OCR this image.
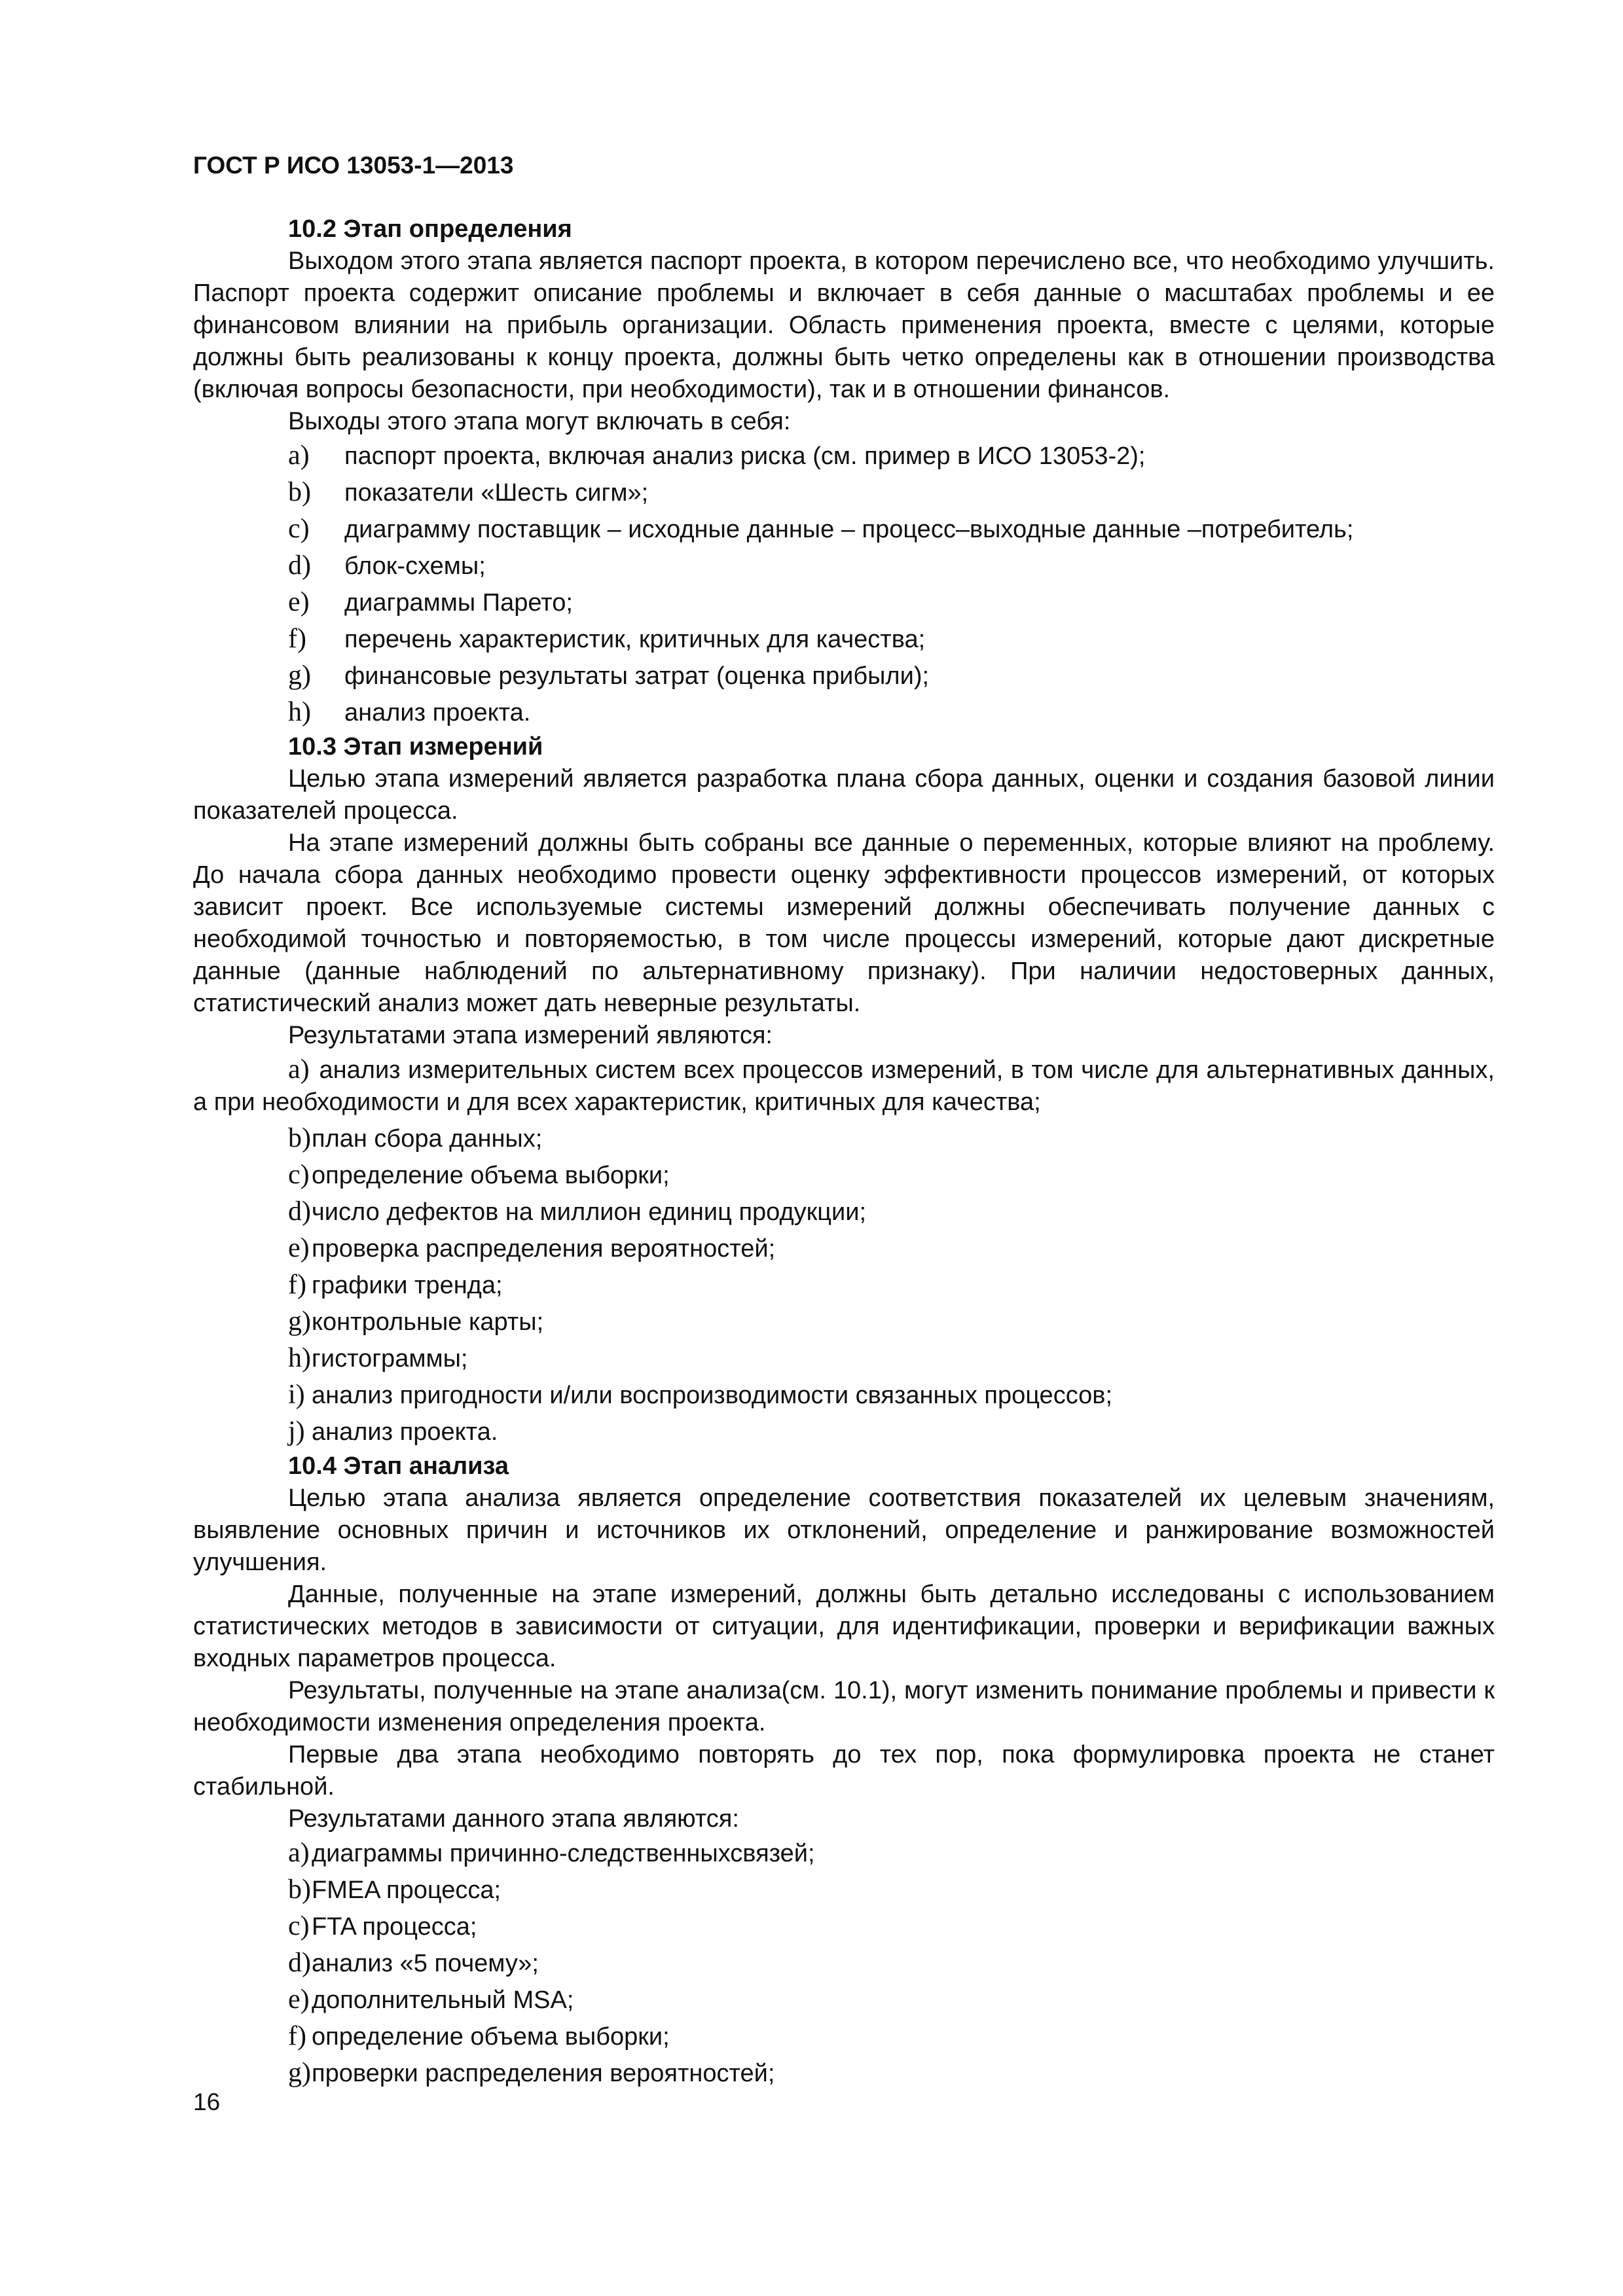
ГОСТ Р ИСО 13053-1—2013
10.2 Этап определения

Выходом этого этапа является паспорт проекта, в котором перечислено все, что необходимо улучшить. Паспорт проекта содержит описание проблемы и включает в себя данные о масштабах проблемы и ее финансовом влиянии на прибыль организации. Область применения проекта, вместе с целями, которые должны быть реализованы к концу проекта, должны быть четко определены как в отношении производства (включая вопросы безопасности, при необходимости), так и в отношении финансов.

Выходы этого этапа могут включать в себя:

a) паспорт проекта, включая анализ риска (см. пример в ИСО 13053-2);
b) показатели «Шесть сигм»;
c) диаграмму поставщик – исходные данные – процесс–выходные данные –потребитель;
d) блок-схемы;
e) диаграммы Парето;
f) перечень характеристик, критичных для качества;
g) финансовые результаты затрат (оценка прибыли);
h) анализ проекта.
10.3 Этап измерений

Целью этапа измерений является разработка плана сбора данных, оценки и создания базовой линии показателей процесса.

На этапе измерений должны быть собраны все данные о переменных, которые влияют на проблему. До начала сбора данных необходимо провести оценку эффективности процессов измерений, от которых зависит проект. Все используемые системы измерений должны обеспечивать получение данных с необходимой точностью и повторяемостью, в том числе процессы измерений, которые дают дискретные данные (данные наблюдений по альтернативному признаку). При наличии недостоверных данных, статистический анализ может дать неверные результаты.

Результатами этапа измерений являются:

a) анализ измерительных систем всех процессов измерений, в том числе для альтернативных данных, а при необходимости и для всех характеристик, критичных для качества;
b)план сбора данных;
c)определение объема выборки;
d)число дефектов на миллион единиц продукции;
e)проверка распределения вероятностей;
f) графики тренда;
g)контрольные карты;
h)гистограммы;
i) анализ пригодности и/или воспроизводимости связанных процессов;
j) анализ проекта.
10.4 Этап анализа

Целью этапа анализа является определение соответствия показателей их целевым значениям, выявление основных причин и источников их отклонений, определение и ранжирование возможностей улучшения.

Данные, полученные на этапе измерений, должны быть детально исследованы с использованием статистических методов в зависимости от ситуации, для идентификации, проверки и верификации важных входных параметров процесса.

Результаты, полученные на этапе анализа(см. 10.1), могут изменить понимание проблемы и привести к необходимости изменения определения проекта.

Первые два этапа необходимо повторять до тех пор, пока формулировка проекта не станет стабильной.

Результатами данного этапа являются:

a)диаграммы причинно-следственныхсвязей;
b)FMEA процесса;
c)FTA процесса;
d)анализ «5 почему»;
e)дополнительный MSA;
f) определение объема выборки;
g)проверки распределения вероятностей;
16
